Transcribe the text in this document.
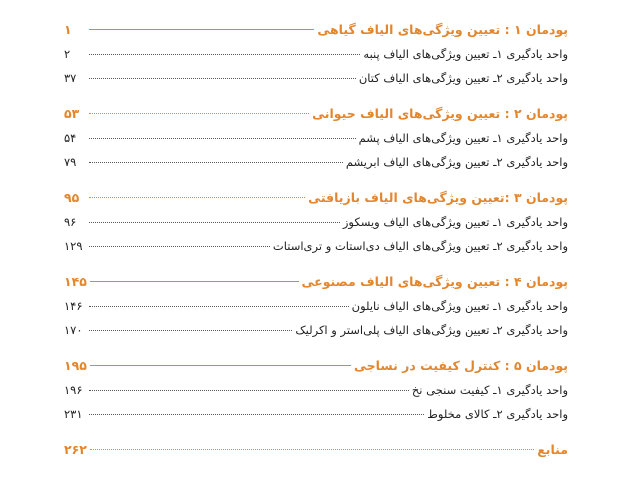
پودمان ۱ : تعیین ویژگی‌های الیاف گیاهی
۱
واحد یادگیری ۱ـ تعیین ویژگی‌های الیاف پنبه
۲
واحد یادگیری ۲ـ تعیین ویژگی‌های الیاف کتان
۳۷
پودمان ۲ : تعیین ویژگی‌های الیاف حیوانی
۵۳
واحد یادگیری ۱ـ تعیین ویژگی‌های الیاف پشم
۵۴
واحد یادگیری ۲ـ تعیین ویژگی‌های الیاف ابریشم
۷۹
پودمان ۳ :تعیین ویژگی‌های الیاف بازیافتی
۹۵
واحد یادگیری ۱ـ تعیین ویژگی‌های الیاف ویسکوز
۹۶
واحد یادگیری ۲ـ تعیین ویژگی‌های الیاف دی‌استات و تری‌استات
۱۲۹
پودمان ۴ : تعیین ویژگی‌های الیاف مصنوعی
۱۴۵
واحد یادگیری ۱ـ تعیین ویژگی‌های الیاف نایلون
۱۴۶
واحد یادگیری ۲ـ تعیین ویژگی‌های الیاف پلی‌استر و اکرلیک
۱۷۰
پودمان ۵ : کنترل کیفیت در نساجی
۱۹۵
واحد یادگیری ۱ـ کیفیت سنجی نخ
۱۹۶
واحد یادگیری ۲ـ کالای مخلوط
۲۳۱
منابع
۲۶۲
